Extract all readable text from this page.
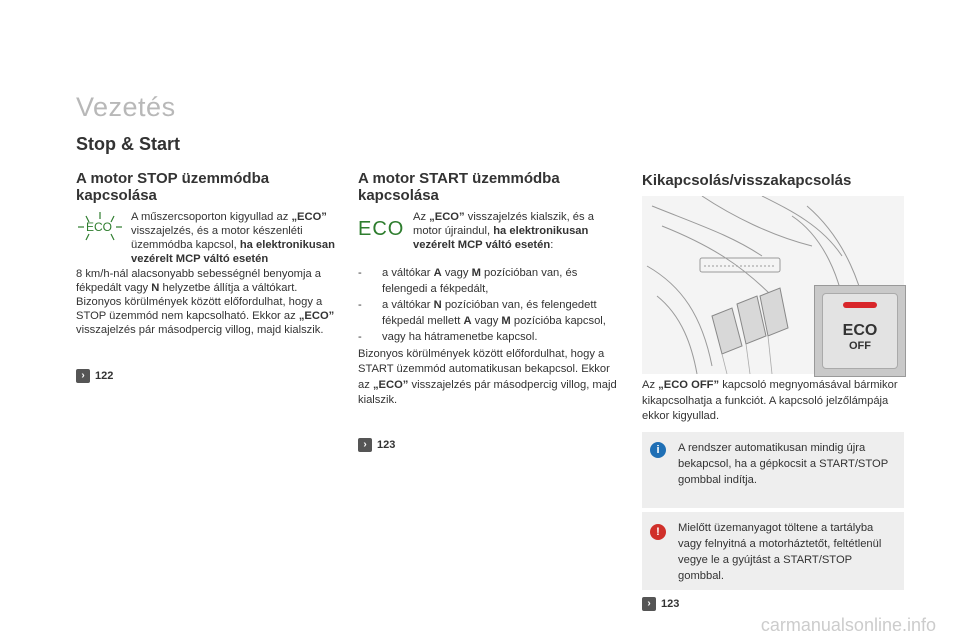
Vezetés
Stop & Start
A motor STOP üzemmódba kapcsolása
ECO
A műszercsoporton kigyullad az „ECO” visszajelzés, és a motor készenléti üzemmódba kapcsol, ha elektronikusan vezérelt MCP váltó esetén
8 km/h-nál alacsonyabb sebességnél benyomja a fékpedált vagy N helyzetbe állítja a váltókart.
Bizonyos körülmények között előfordulhat, hogy a STOP üzemmód nem kapcsolható. Ekkor az „ECO” visszajelzés pár másodpercig villog, majd kialszik.
› 122
A motor START üzemmódba kapcsolása
ECO
Az „ECO” visszajelzés kialszik, és a motor újraindul, ha elektronikusan vezérelt MCP váltó esetén:
- a váltókar A vagy M pozícióban van, és felengedi a fékpedált,
- a váltókar N pozícióban van, és felengedett fékpedál mellett A vagy M pozícióba kapcsol,
- vagy ha hátramenetbe kapcsol.
Bizonyos körülmények között előfordulhat, hogy a START üzemmód automatikusan bekapcsol. Ekkor az „ECO” visszajelzés pár másodpercig villog, majd kialszik.
› 123
Kikapcsolás/visszakapcsolás
ECO
OFF
Az „ECO OFF” kapcsoló megnyomásával bármikor kikapcsolhatja a funkciót. A kapcsoló jelzőlámpája ekkor kigyullad.
i	A rendszer automatikusan mindig újra bekapcsol, ha a gépkocsit a START/STOP gombbal indítja.
!	Mielőtt üzemanyagot töltene a tartályba vagy felnyitná a motorháztetőt, feltétlenül vegye le a gyújtást a START/STOP gombbal.
› 123
carmanualsonline.info
